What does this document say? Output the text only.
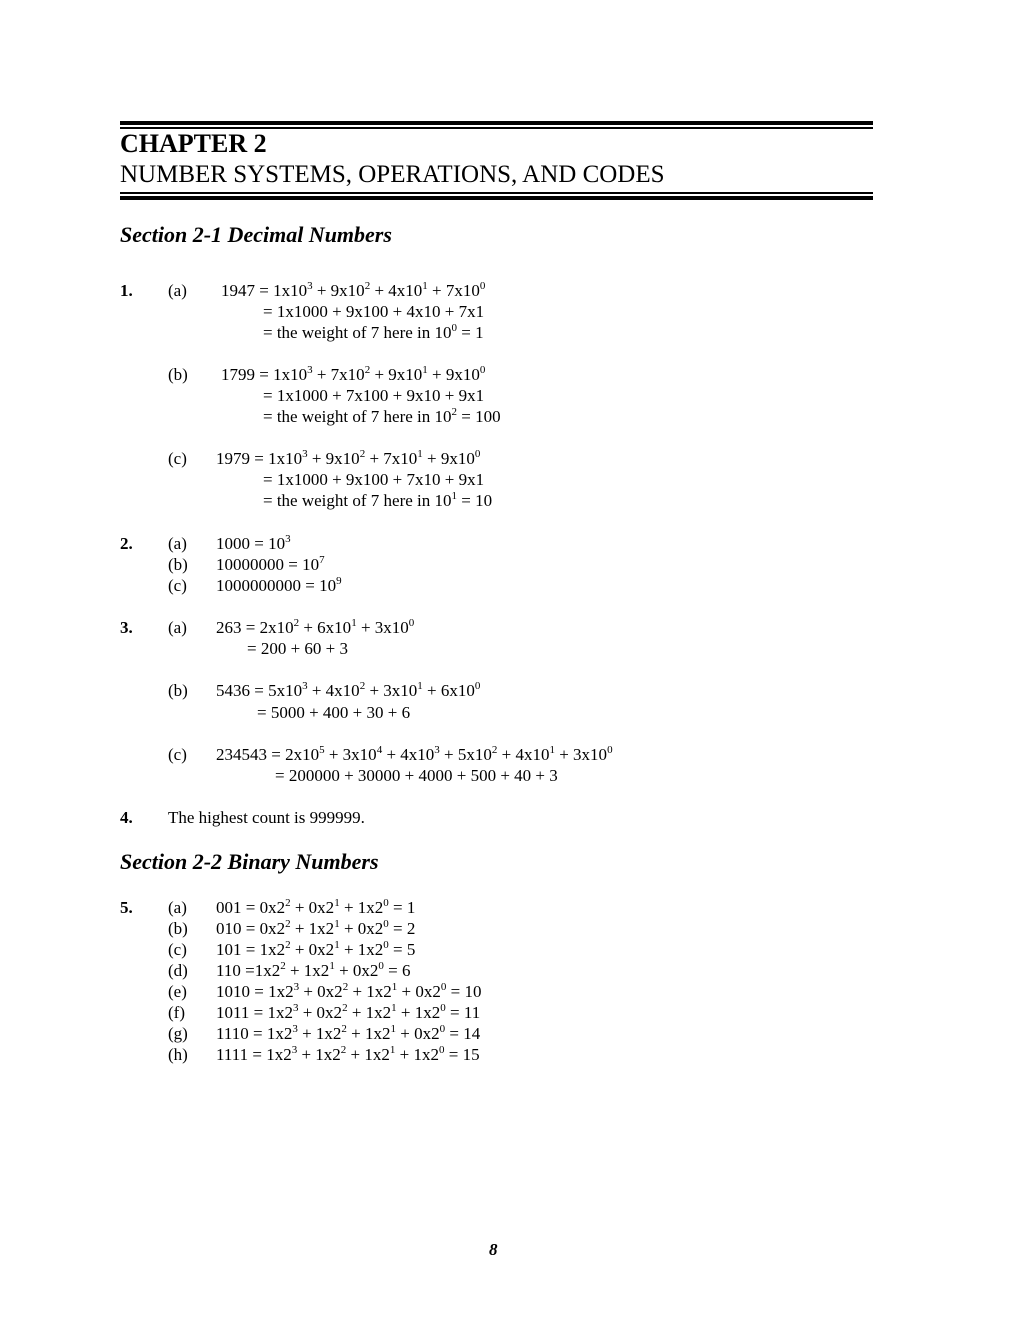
CHAPTER 2
NUMBER SYSTEMS, OPERATIONS, AND CODES
Section 2-1 Decimal Numbers
1. (a) $1947 = 1x10^3 + 9x10^2 + 4x10^1 + 7x10^0$
= 1x1000 + 9x100 + 4x10 + 7x1
= the weight of 7 here in $10^0 = 1$
(b) $1799 = 1x10^3 + 7x10^2 + 9x10^1 + 9x10^0$
= 1x1000 + 7x100 + 9x10 + 9x1
= the weight of 7 here in $10^2 = 100$
(c) $1979 = 1x10^3 + 9x10^2 + 7x10^1 + 9x10^0$
= 1x1000 + 9x100 + 7x10 + 9x1
= the weight of 7 here in $10^1 = 10$
2. (a) $1000 = 10^3$
(b) $10000000 = 10^7$
(c) $1000000000 = 10^9$
3. (a) $263 = 2x10^2 + 6x10^1 + 3x10^0$
= 200 + 60 + 3
(b) $5436 = 5x10^3 + 4x10^2 + 3x10^1 + 6x10^0$
= 5000 + 400 + 30 + 6
(c) $234543 = 2x10^5 + 3x10^4 + 4x10^3 + 5x10^2 + 4x10^1 + 3x10^0$
= 200000 + 30000 + 4000 + 500 + 40 + 3
4. The highest count is 999999.
Section 2-2 Binary Numbers
5. (a) $001 = 0x2^2 + 0x2^1 + 1x2^0 = 1$
(b) $010 = 0x2^2 + 1x2^1 + 0x2^0 = 2$
(c) $101 = 1x2^2 + 0x2^1 + 1x2^0 = 5$
(d) $110 =1x2^2 + 1x2^1 + 0x2^0 = 6$
(e) $1010 = 1x2^3 + 0x2^2 + 1x2^1 + 0x2^0 = 10$
(f) $1011 = 1x2^3 + 0x2^2 + 1x2^1 + 1x2^0 = 11$
(g) $1110 = 1x2^3 + 1x2^2 + 1x2^1 + 0x2^0 = 14$
(h) $1111 = 1x2^3 + 1x2^2 + 1x2^1 + 1x2^0 = 15$
8
